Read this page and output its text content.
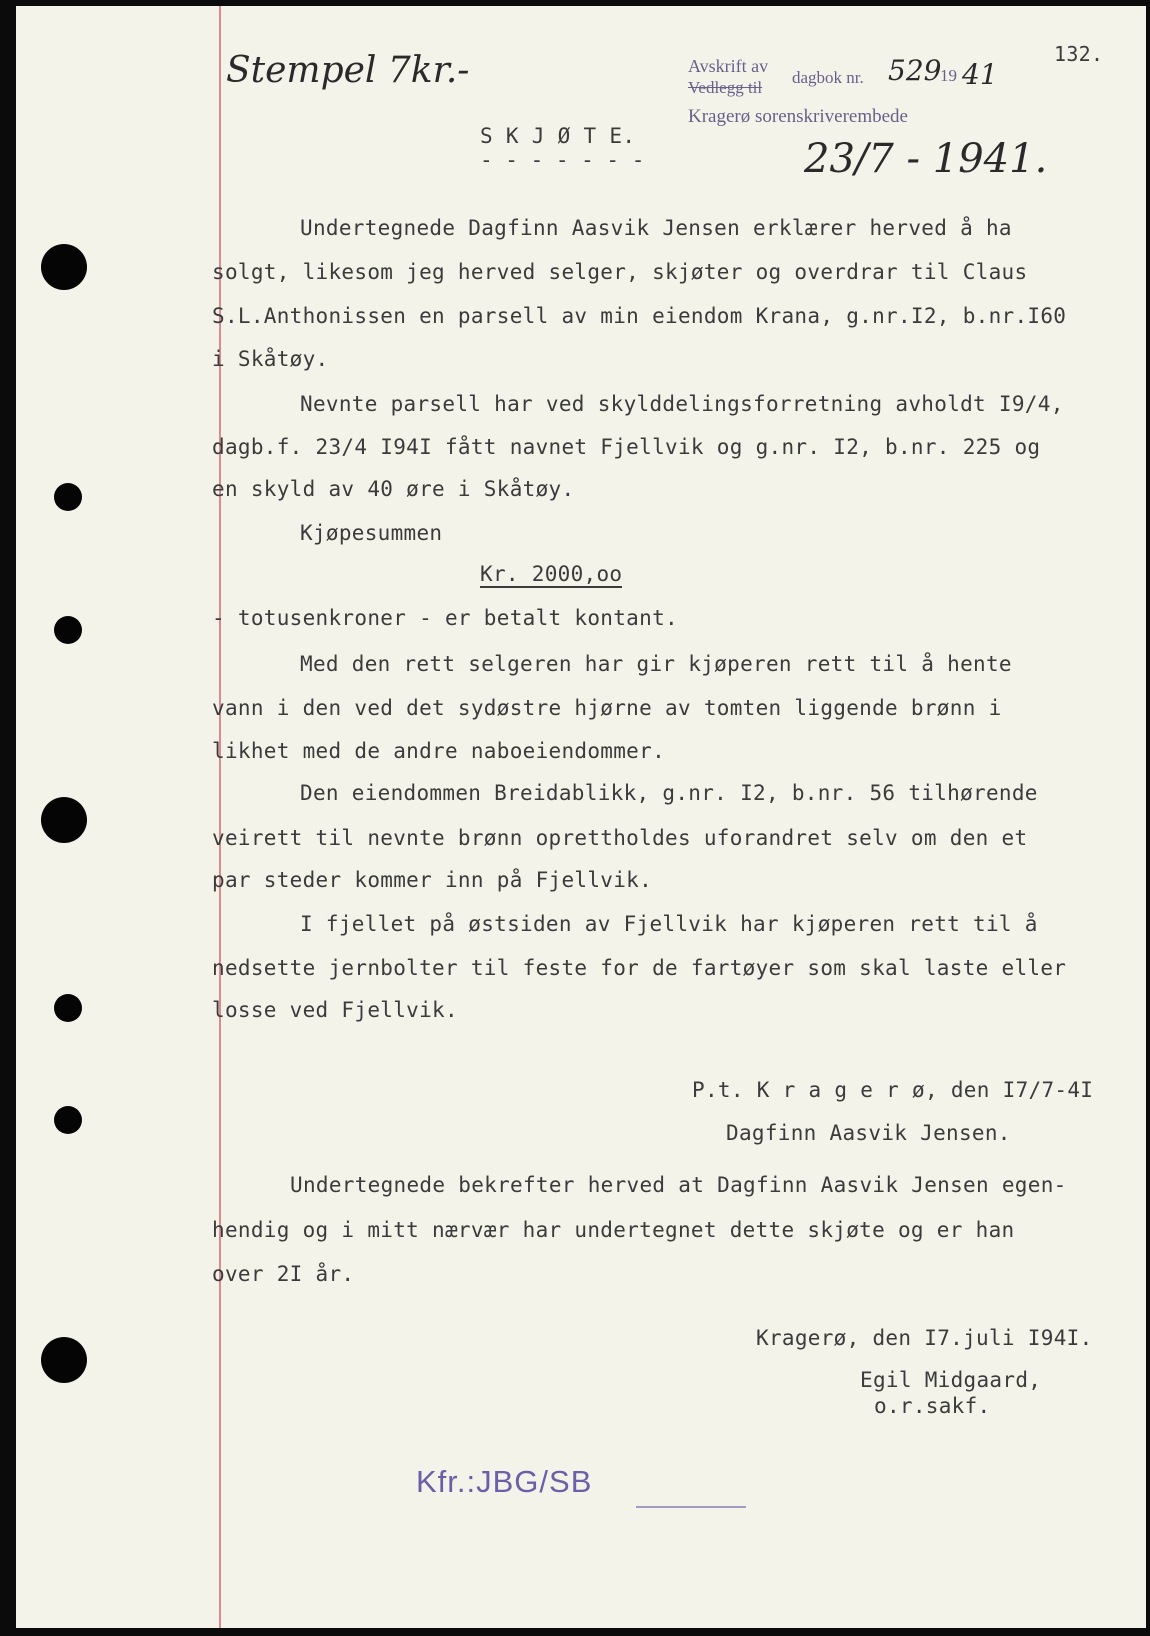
Stempel 7kr.-	Avskrift av
Vedlegg til
dagbok nr. 529
19 41
Kragerø sorenskriverembede
23/7 - 1941.
132.
S K J Ø T E.
- - - - - - -
Undertegnede Dagfinn Aasvik Jensen erklærer herved å ha
solgt, likesom jeg herved selger, skjøter og overdrar til Claus
S.L.Anthonissen en parsell av min eiendom Krana, g.nr.I2, b.nr.I60
i Skåtøy.
Nevnte parsell har ved skylddelingsforretning avholdt I9/4,
dagb.f. 23/4 I94I fått navnet Fjellvik og g.nr. I2, b.nr. 225 og
en skyld av 40 øre i Skåtøy.
Kjøpesummen
Kr. 2000,oo
- totusenkroner - er betalt kontant.
Med den rett selgeren har gir kjøperen rett til å hente
vann i den ved det sydøstre hjørne av tomten liggende brønn i
likhet med de andre naboeiendommer.
Den eiendommen Breidablikk, g.nr. I2, b.nr. 56 tilhørende
veirett til nevnte brønn oprettholdes uforandret selv om den et
par steder kommer inn på Fjellvik.
I fjellet på østsiden av Fjellvik har kjøperen rett til å
nedsette jernbolter til feste for de fartøyer som skal laste eller
losse ved Fjellvik.
P.t. K r a g e r ø, den I7/7-4I
Dagfinn Aasvik Jensen.
Undertegnede bekrefter herved at Dagfinn Aasvik Jensen egen-
hendig og i mitt nærvær har undertegnet dette skjøte og er han
over 2I år.
Kragerø, den I7.juli I94I.
Egil Midgaard,
o.r.sakf.
Kfr.:JBG/SB
